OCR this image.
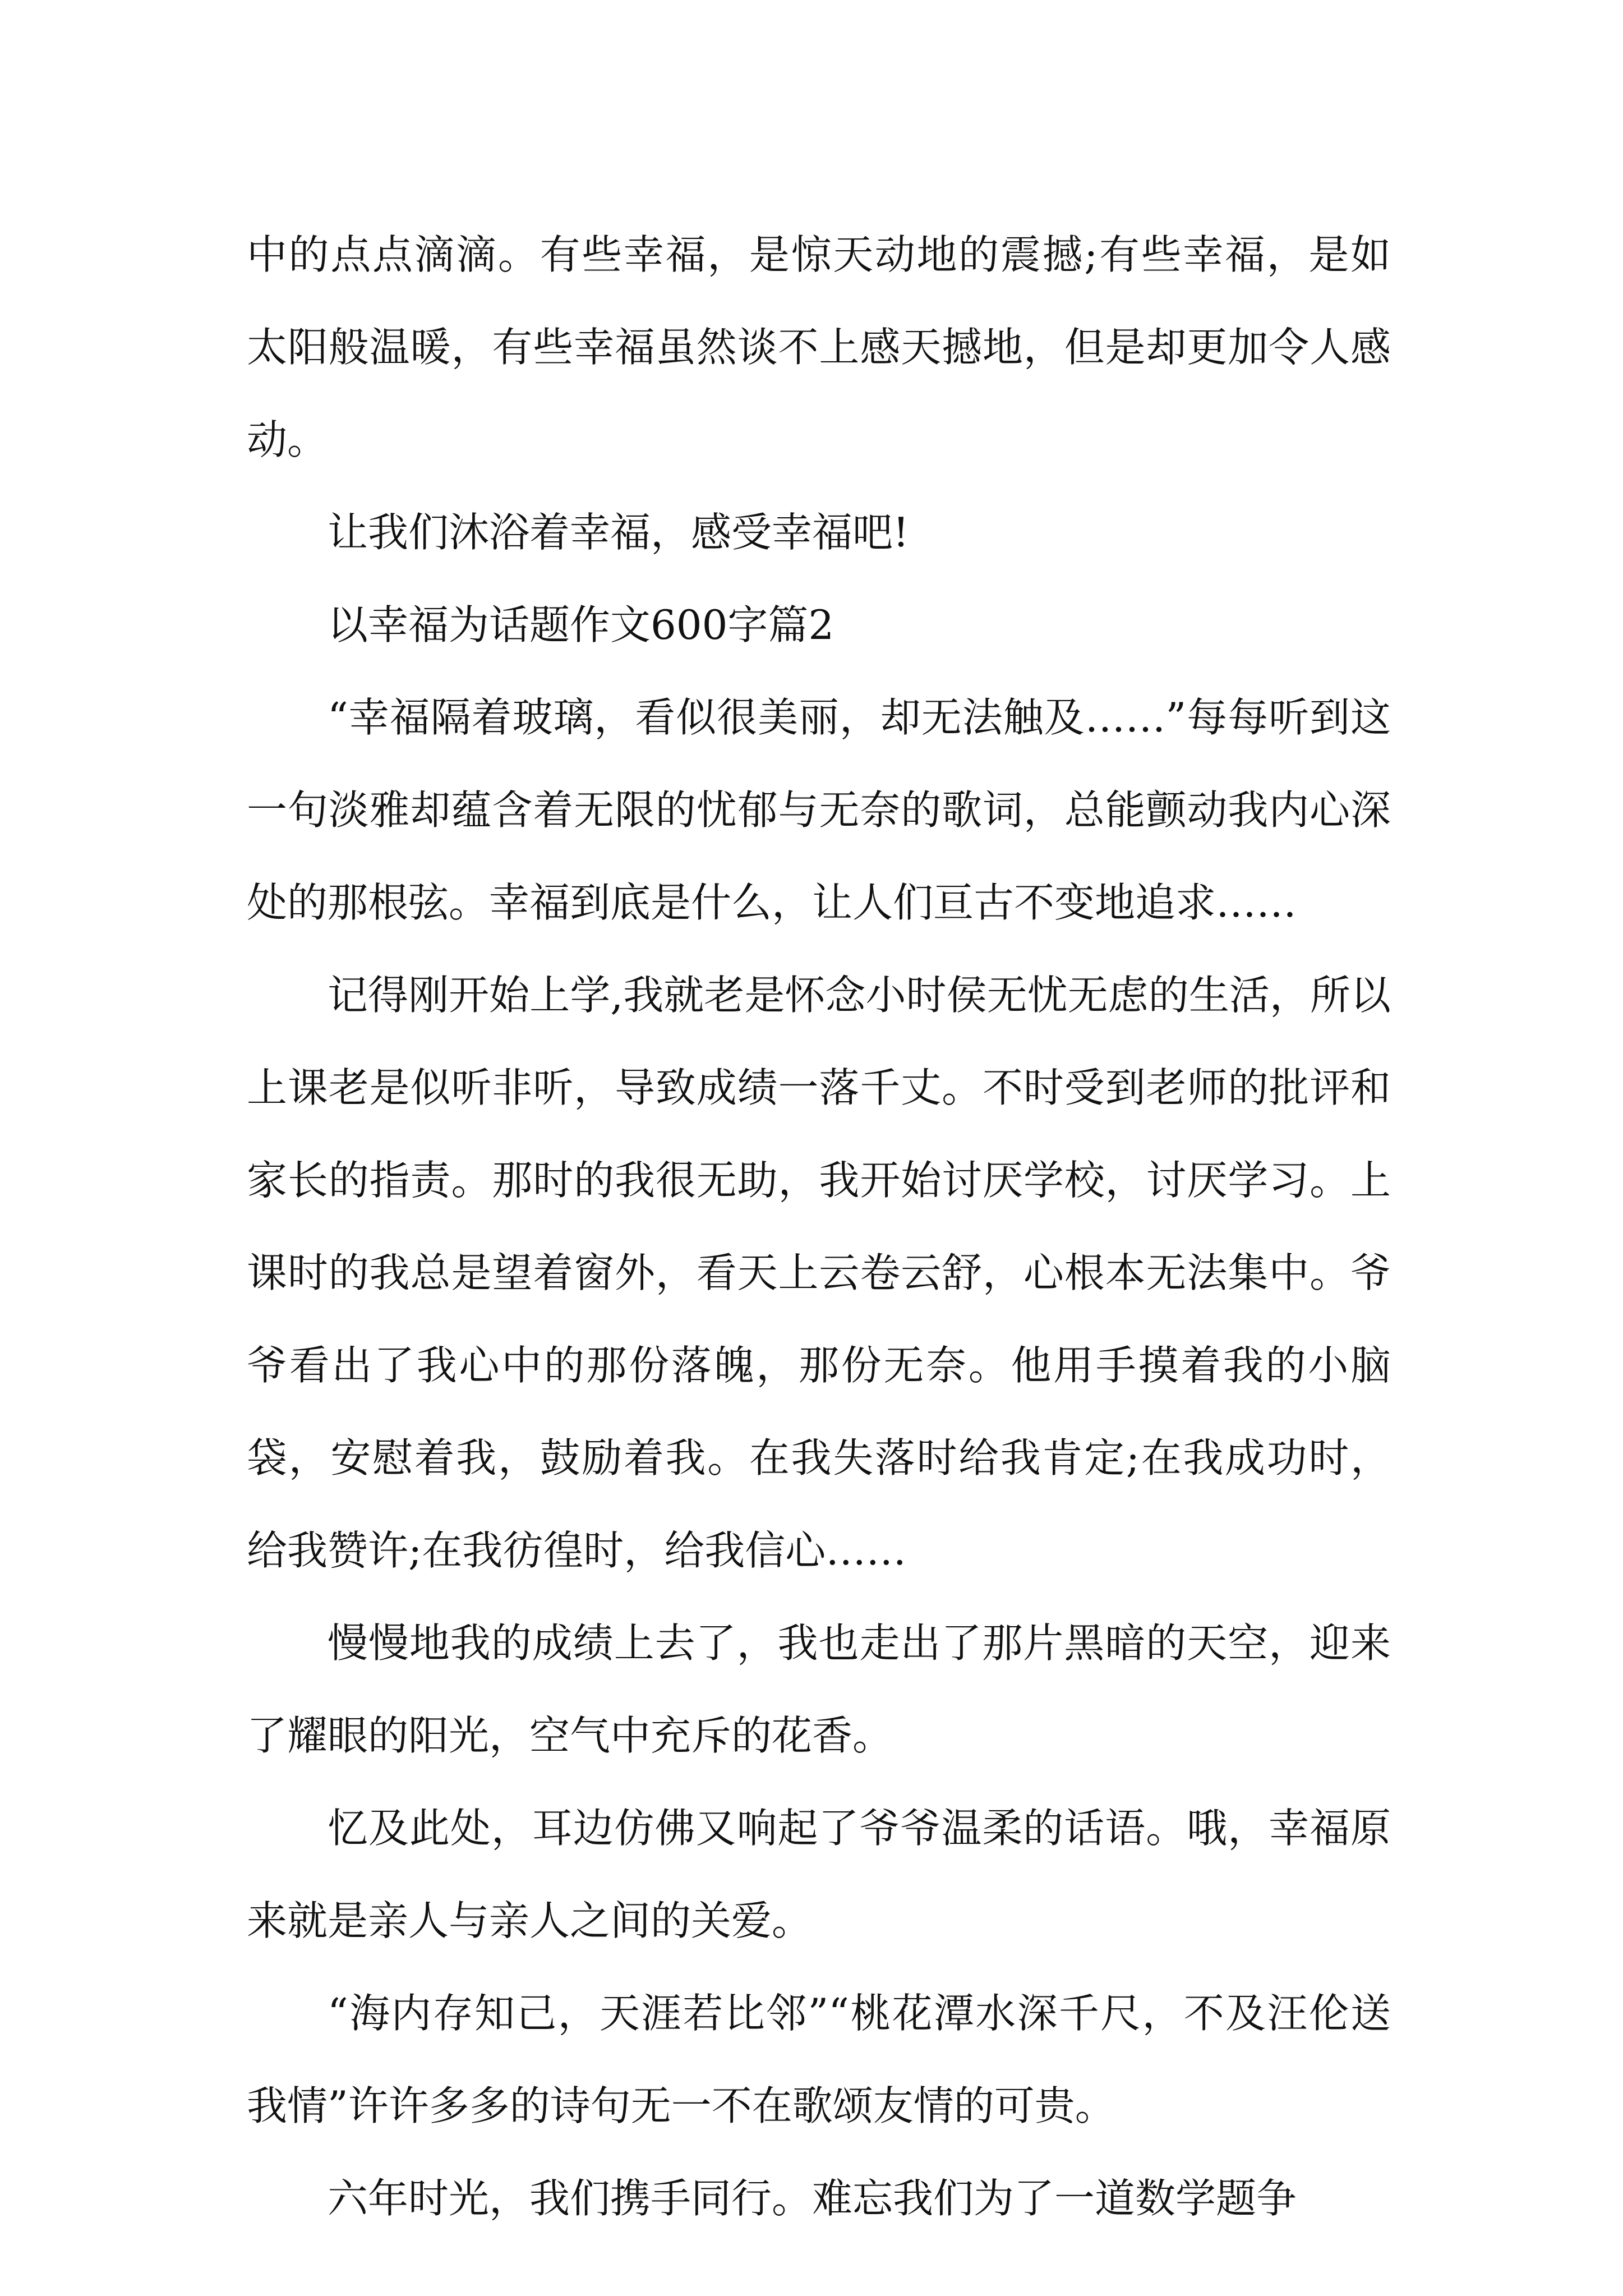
中的点点滴滴。有些幸福，是惊天动地的震撼;有些幸福，是如太阳般温暖，有些幸福虽然谈不上感天撼地，但是却更加令人感动。

让我们沐浴着幸福，感受幸福吧!

以幸福为话题作文600字篇2

“幸福隔着玻璃，看似很美丽，却无法触及……”每每听到这一句淡雅却蕴含着无限的忧郁与无奈的歌词，总能颤动我内心深处的那根弦。幸福到底是什么，让人们亘古不变地追求……

记得刚开始上学,我就老是怀念小时侯无忧无虑的生活，所以上课老是似听非听，导致成绩一落千丈。不时受到老师的批评和家长的指责。那时的我很无助，我开始讨厌学校，讨厌学习。上课时的我总是望着窗外，看天上云卷云舒，心根本无法集中。爷爷看出了我心中的那份落魄，那份无奈。他用手摸着我的小脑袋，安慰着我，鼓励着我。在我失落时给我肯定;在我成功时，给我赞许;在我彷徨时，给我信心……

慢慢地我的成绩上去了，我也走出了那片黑暗的天空，迎来了耀眼的阳光，空气中充斥的花香。

忆及此处，耳边仿佛又响起了爷爷温柔的话语。哦，幸福原来就是亲人与亲人之间的关爱。

“海内存知己，天涯若比邻”“桃花潭水深千尺，不及汪伦送我情”许许多多的诗句无一不在歌颂友情的可贵。

六年时光，我们携手同行。难忘我们为了一道数学题争
